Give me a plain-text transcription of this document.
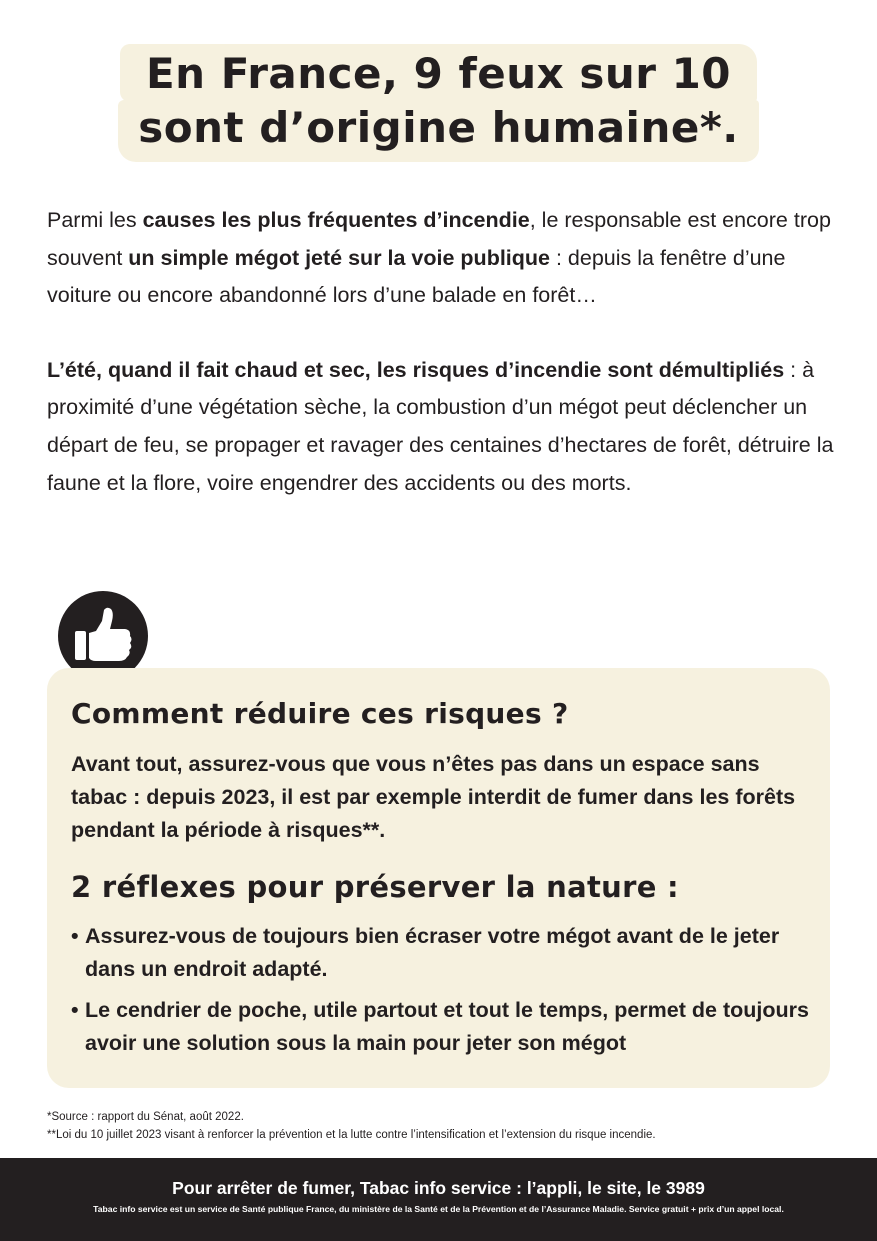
En France, 9 feux sur 10
sont d’origine humaine*.

Parmi les causes les plus fréquentes d’incendie, le responsable est encore trop souvent un simple mégot jeté sur la voie publique : depuis la fenêtre d’une voiture ou encore abandonné lors d’une balade en forêt…

L’été, quand il fait chaud et sec, les risques d’incendie sont démultipliés : à proximité d’une végétation sèche, la combustion d’un mégot peut déclencher un départ de feu, se propager et ravager des centaines d’hectares de forêt, détruire la faune et la flore, voire engendrer des accidents ou des morts.

Comment réduire ces risques ?

Avant tout, assurez-vous que vous n’êtes pas dans un espace sans tabac : depuis 2023, il est par exemple interdit de fumer dans les forêts pendant la période à risques**.

2 réflexes pour préserver la nature :
• Assurez-vous de toujours bien écraser votre mégot avant de le jeter dans un endroit adapté.
• Le cendrier de poche, utile partout et tout le temps, permet de toujours avoir une solution sous la main pour jeter son mégot
*Source : rapport du Sénat, août 2022.
**Loi du 10 juillet 2023 visant à renforcer la prévention et la lutte contre l’intensification et l’extension du risque incendie.
Pour arrêter de fumer, Tabac info service : l’appli, le site, le 3989
Tabac info service est un service de Santé publique France, du ministère de la Santé et de la Prévention et de l’Assurance Maladie. Service gratuit + prix d’un appel local.
